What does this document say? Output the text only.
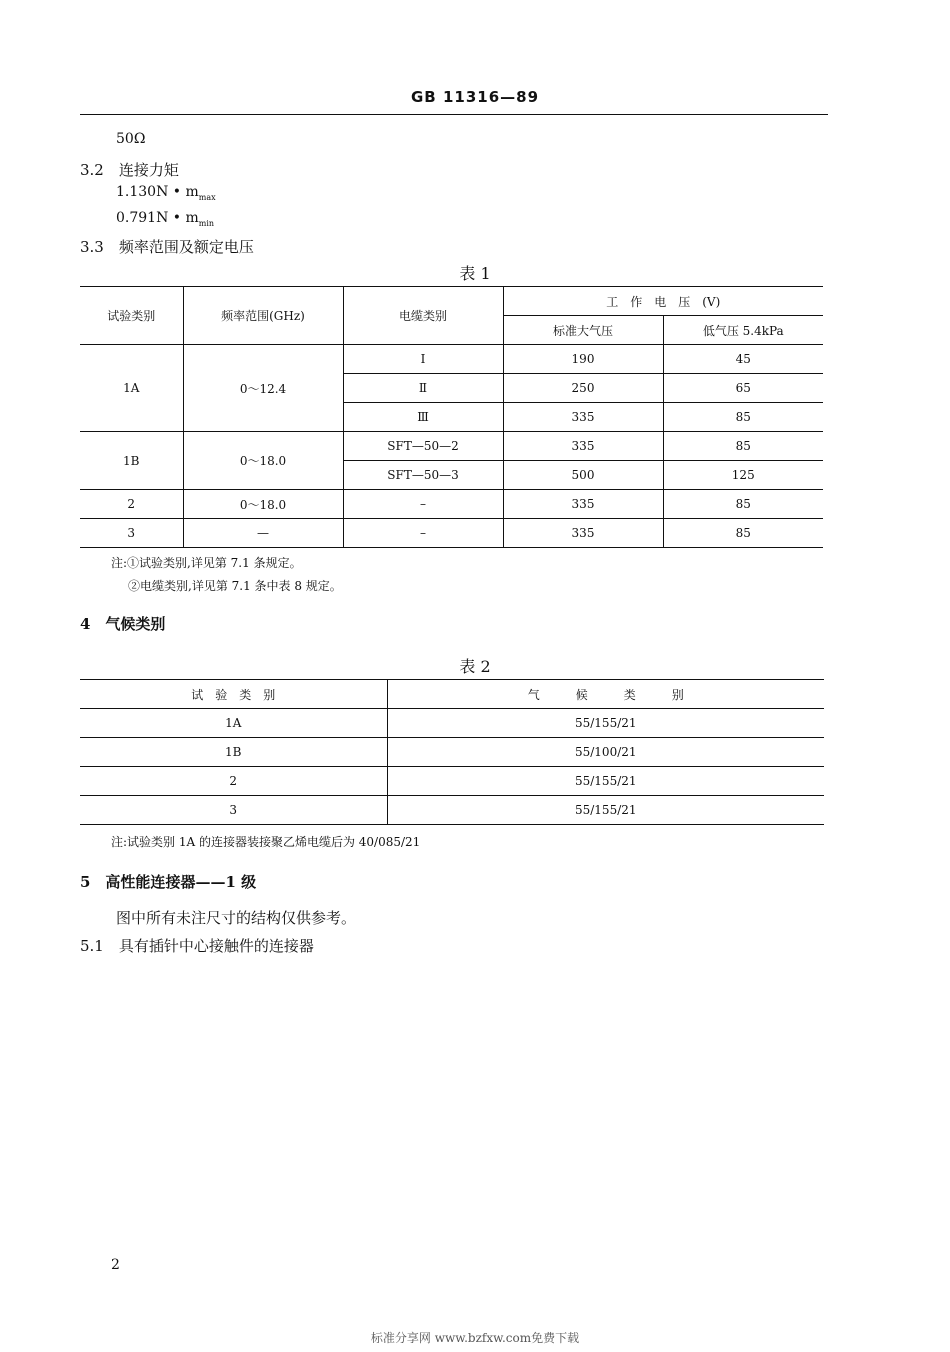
GB 11316—89
50Ω
3.2　连接力矩
1.130N • $m_{max}$
0.791N • $m_{min}$
3.3　频率范围及额定电压
表 1
试验类别	频率范围(GHz)	电缆类别	工　作　电　压　(V)	
			标准大气压	低气压 5.4kPa
1A	0～12.4	Ⅰ	190	45
		Ⅱ	250	65
		Ⅲ	335	85
1B	0～18.0	SFT—50—2	335	85
		SFT—50—3	500	125
2	0～18.0	–	335	85
3	—	–	335	85
注:①试验类别,详见第 7.1 条规定。
②电缆类别,详见第 7.1 条中表 8 规定。
4　气候类别
表 2
试　验　类　别	气　　　候　　　类　　　别
1A	55/155/21
1B	55/100/21
2	55/155/21
3	55/155/21
注:试验类别 1A 的连接器装接聚乙烯电缆后为 40/085/21
5　高性能连接器——1 级
图中所有未注尺寸的结构仅供参考。
5.1　具有插针中心接触件的连接器
2
标准分享网 www.bzfxw.com免费下载
